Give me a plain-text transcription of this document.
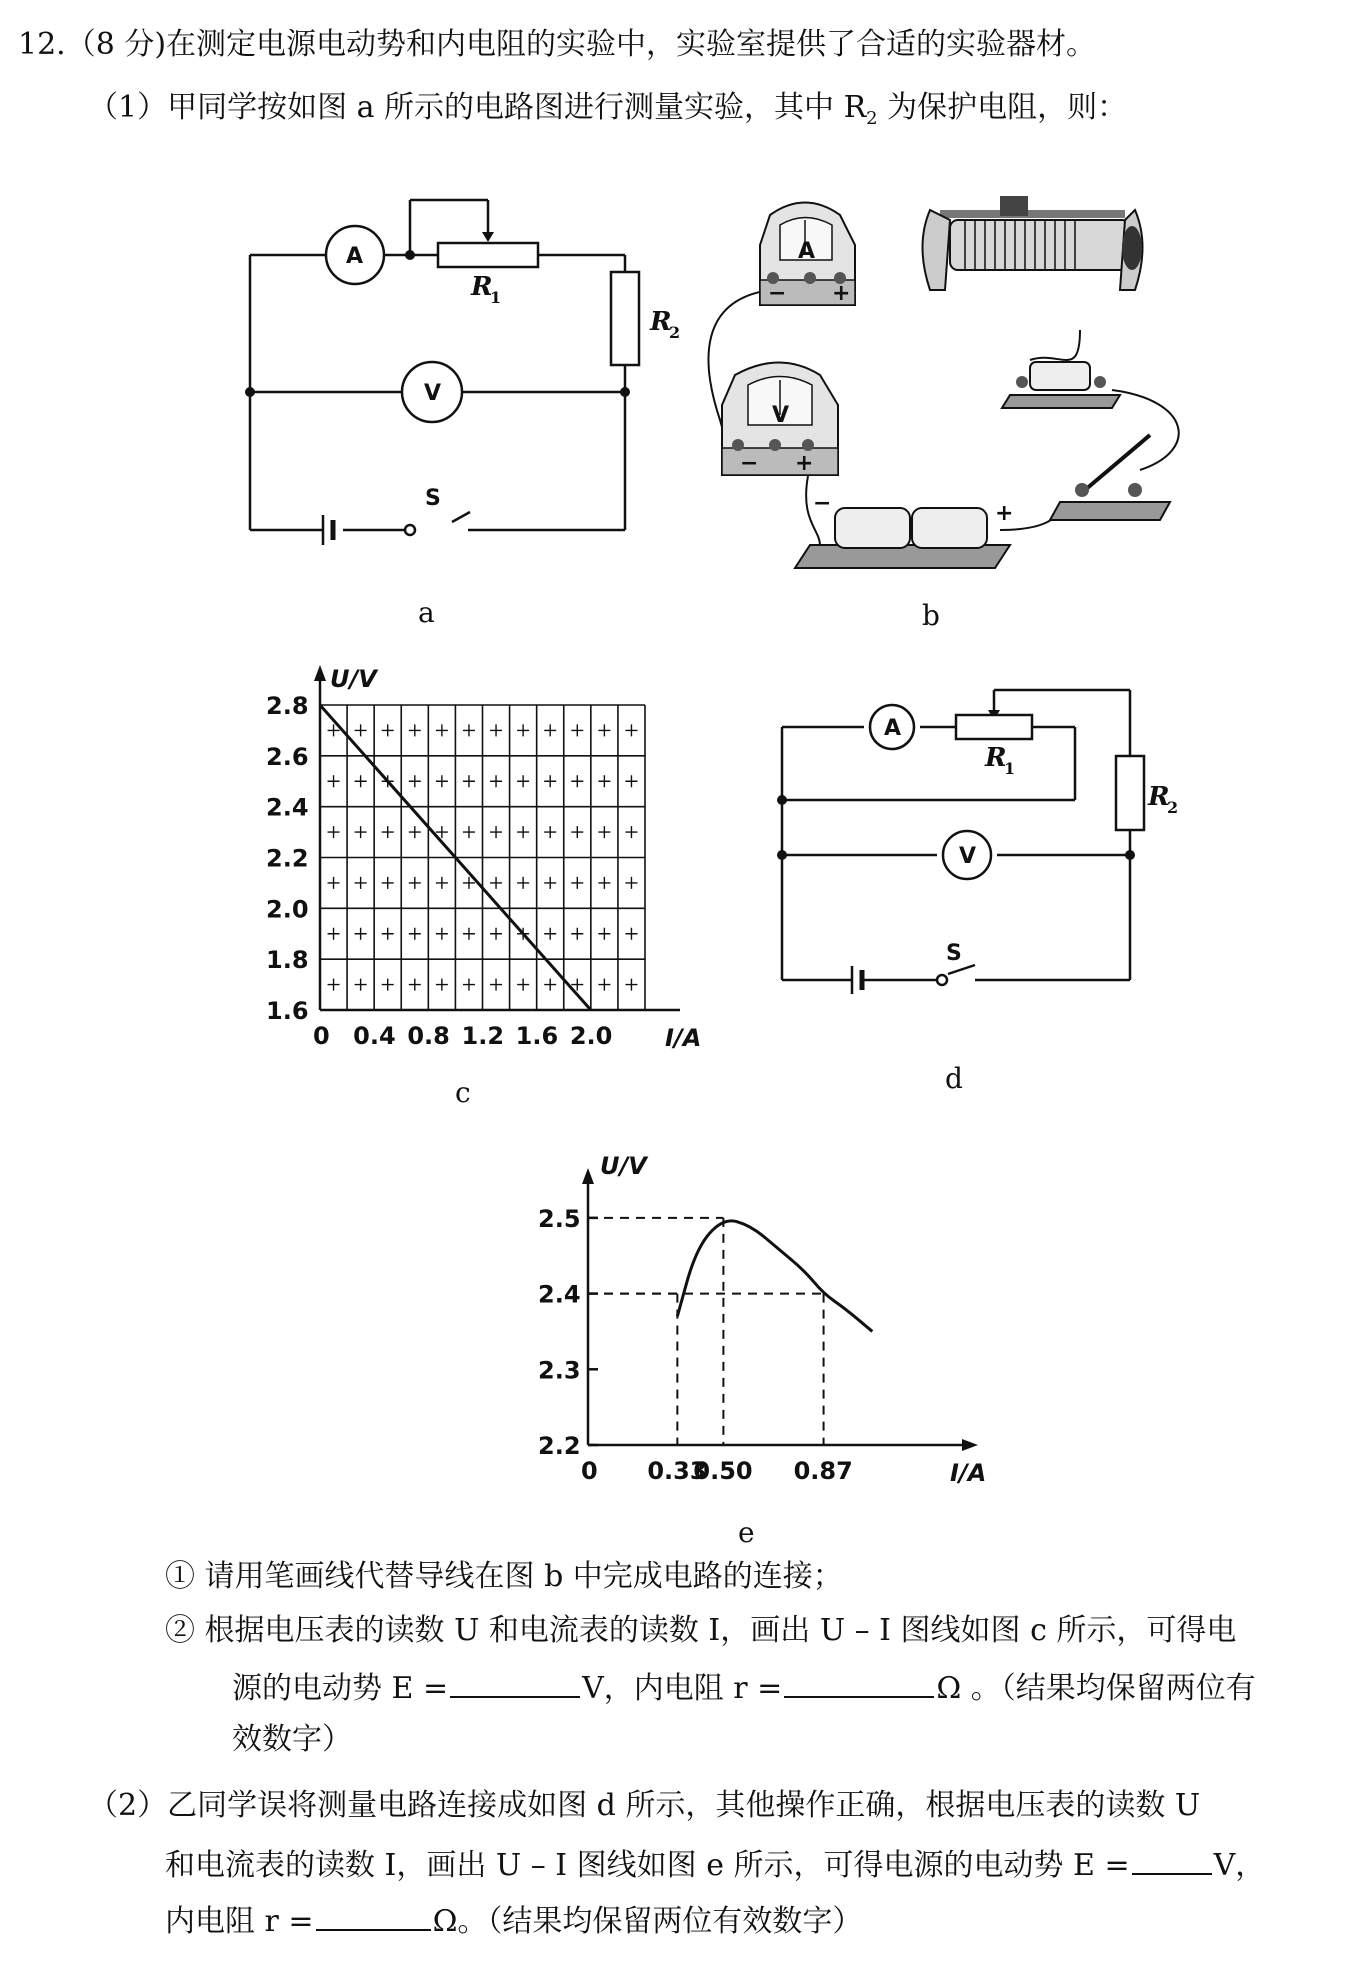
12.（8 分)在测定电源电动势和内电阻的实验中，实验室提供了合适的实验器材。
（1）甲同学按如图 a 所示的电路图进行测量实验，其中 $R_2$ 为保护电阻，则：
A
V
S
R
1
R
2
a
A
− +
V
− +
−	+
b
1.6
1.8
2.0
2.2
2.4
2.6
2.8
0 0.4 0.8 1.2 1.6 2.0
U/V
I/A
c
A
V
S
R
1
R
2
d
2.2
2.3
2.4
2.5
0 0.33
0.50 0.87
U/V
I/A
e
① 请用笔画线代替导线在图 b 中完成电路的连接；
② 根据电压表的读数 U 和电流表的读数 I，画出 U – I 图线如图 c 所示，可得电
源的电动势 E =	V，内电阻 r =	Ω 。（结果均保留两位有
效数字）
（2）乙同学误将测量电路连接成如图 d 所示，其他操作正确，根据电压表的读数 U
和电流表的读数 I，画出 U – I 图线如图 e 所示，可得电源的电动势 E =	V，
内电阻 r =	Ω。（结果均保留两位有效数字）
